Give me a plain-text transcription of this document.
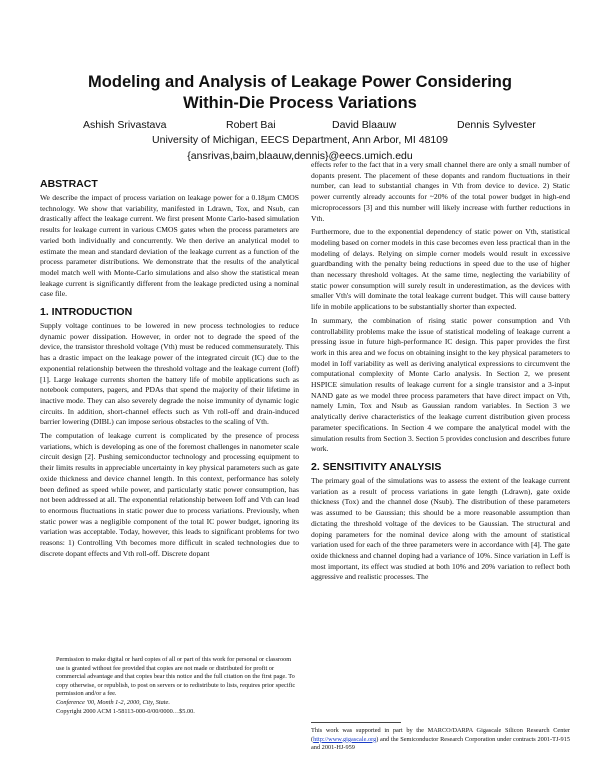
Modeling and Analysis of Leakage Power Considering
Within-Die Process Variations
Ashish Srivastava	Robert Bai	David Blaauw	Dennis Sylvester
University of Michigan, EECS Department, Ann Arbor, MI 48109
{ansrivas,baim,blaauw,dennis}@eecs.umich.edu
ABSTRACT

We describe the impact of process variation on leakage power for a 0.18µm CMOS technology. We show that variability, manifested in Ldrawn, Tox, and Nsub, can drastically affect the leakage current. We first present Monte Carlo-based simulation results for leakage current in various CMOS gates when the process parameters are varied both individually and concurrently. We then derive an analytical model to estimate the mean and standard deviation of the leakage current as a function of the process parameter distributions. We demonstrate that the results of the analytical model match well with Monte-Carlo simulations and also show the statistical mean leakage current is significantly different from the leakage predicted using a nominal case file.

1. INTRODUCTION

Supply voltage continues to be lowered in new process technologies to reduce dynamic power dissipation. However, in order not to degrade the speed of the device, the transistor threshold voltage (Vth) must be reduced commensurately. This has a drastic impact on the leakage power of the integrated circuit (IC) due to the exponential relationship between the threshold voltage and the leakage current (Ioff) [1]. Large leakage currents shorten the battery life of mobile applications such as notebook computers, pagers, and PDAs that spend the majority of their lifetime in inactive mode. They can also severely degrade the noise immunity of dynamic logic circuits. In addition, short-channel effects such as Vth roll-off and drain-induced barrier lowering (DIBL) can impose serious obstacles to the scaling of Vth.

The computation of leakage current is complicated by the presence of process variations, which is developing as one of the foremost challenges in nanometer scale circuit design [2]. Pushing semiconductor technology and processing equipment to their limits results in appreciable uncertainty in key physical parameters such as gate oxide thickness and device channel length. In this context, performance has solely been defined as speed while power, and particularly static power consumption, has not been addressed at all. The exponential relationship between Ioff and Vth can lead to enormous fluctuations in static power due to process variations. Previously, when static power was a negligible component of the total IC power budget, ignoring its variation was acceptable. Today, however, this leads to significant problems for two reasons: 1) Controlling Vth becomes more difficult in scaled technologies due to discrete dopant effects and Vth roll-off. Discrete dopant

Permission to make digital or hard copies of all or part of this work for personal or classroom use is granted without fee provided that copies are not made or distributed for profit or commercial advantage and that copies bear this notice and the full citation on the first page. To copy otherwise, or republish, to post on servers or to redistribute to lists, requires prior specific permission and/or a fee.

Conference '00, Month 1-2, 2000, City, State.

Copyright 2000 ACM 1-58113-000-0/00/0000…$5.00.

effects refer to the fact that in a very small channel there are only a small number of dopants present. The placement of these dopants and random fluctuations in their number, can lead to substantial changes in Vth from device to device. 2) Static power currently already accounts for ~20% of the total power budget in high-end microprocessors [3] and this number will likely increase with further reductions in Vth.

Furthermore, due to the exponential dependency of static power on Vth, statistical modeling based on corner models in this case becomes even less practical than in the modeling of delays. Relying on simple corner models would result in excessive guardbanding with the penalty being reductions in speed due to the use of higher than necessary threshold voltages. At the same time, neglecting the variability of static power consumption will surely result in underestimation, as the devices with smaller Vth's will dominate the total leakage current budget. This will cause battery life in mobile applications to be substantially shorter than expected.

In summary, the combination of rising static power consumption and Vth controllability problems make the issue of statistical modeling of leakage current a pressing issue in future high-performance IC design. This paper provides the first work in this area and we focus on obtaining insight to the key physical parameters to model in Ioff variability as well as deriving analytical expressions to circumvent the computational complexity of Monte Carlo analysis. In Section 2, we present HSPICE simulation results of leakage current for a single transistor and a 3-input NAND gate as we model three process parameters that have direct impact on Vth, namely Lmin, Tox and Nsub as Gaussian random variables. In Section 3 we analytically derive characteristics of the leakage current distribution given process parameter specifications. In Section 4 we compare the analytical model with the simulation results from Section 3. Section 5 provides conclusion and describes future work.

2. SENSITIVITY ANALYSIS

The primary goal of the simulations was to assess the extent of the leakage current variation as a result of process variations in gate length (Ldrawn), gate oxide thickness (Tox) and the channel dose (Nsub). The distribution of these parameters was assumed to be Gaussian; this should be a more reasonable assumption than dictating the threshold voltage of the devices to be Gaussian. The structural and doping parameters for the nominal device along with the amount of statistical variation used for each of the three parameters were in accordance with [4]. The gate oxide thickness and channel doping had a variance of 10%. Since variation in Leff is most important, its effect was studied at both 10% and 20% variation to reflect both aggressive and realistic processes. The

This work was supported in part by the MARCO/DARPA Gigascale Silicon Research Center (http://www.gigascale.org) and the Semiconductor Research Corporation under contracts 2001-TJ-915 and 2001-HJ-959
